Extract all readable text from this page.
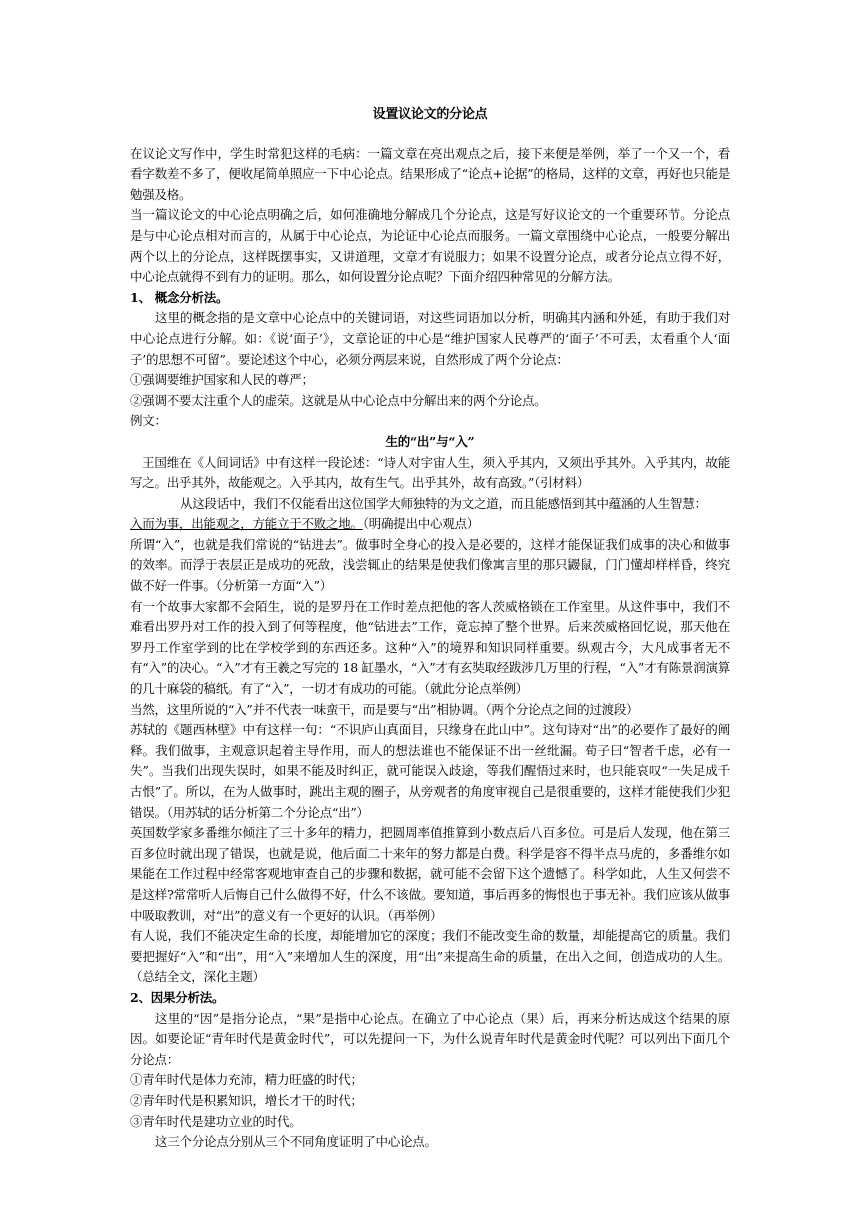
设置议论文的分论点

在议论文写作中，学生时常犯这样的毛病：一篇文章在亮出观点之后，接下来便是举例，举了一个又一个，看看字数差不多了，便收尾简单照应一下中心论点。结果形成了“论点+论据”的格局，这样的文章，再好也只能是勉强及格。

当一篇议论文的中心论点明确之后，如何准确地分解成几个分论点，这是写好议论文的一个重要环节。分论点是与中心论点相对而言的，从属于中心论点，为论证中心论点而服务。一篇文章围绕中心论点，一般要分解出两个以上的分论点，这样既摆事实，又讲道理，文章才有说服力；如果不设置分论点，或者分论点立得不好，中心论点就得不到有力的证明。那么，如何设置分论点呢？下面介绍四种常见的分解方法。

1、 概念分析法。

这里的概念指的是文章中心论点中的关键词语，对这些词语加以分析，明确其内涵和外延，有助于我们对中心论点进行分解。如：《说‘面子’》，文章论证的中心是“维护国家人民尊严的‘面子’不可丢，太看重个人‘面子’的思想不可留”。要论述这个中心，必须分两层来说，自然形成了两个分论点：

①强调要维护国家和人民的尊严；

②强调不要太注重个人的虚荣。这就是从中心论点中分解出来的两个分论点。

例文：

生的“出”与“入”

王国维在《人间词话》中有这样一段论述：“诗人对宇宙人生，须入乎其内，又须出乎其外。入乎其内，故能写之。出乎其外，故能观之。入乎其内，故有生气。出乎其外，故有高致。”（引材料）

从这段话中，我们不仅能看出这位国学大师独特的为文之道，而且能感悟到其中蕴涵的人生智慧：

入而为事，出能观之，方能立于不败之地。（明确提出中心观点）

所谓“入”，也就是我们常说的“钻进去”。做事时全身心的投入是必要的，这样才能保证我们成事的决心和做事的效率。而浮于表层正是成功的死敌，浅尝辄止的结果是使我们像寓言里的那只鼹鼠，门门懂却样样昏，终究做不好一件事。（分析第一方面“入”）

有一个故事大家都不会陌生，说的是罗丹在工作时差点把他的客人茨威格锁在工作室里。从这件事中，我们不难看出罗丹对工作的投入到了何等程度，他“钻进去”工作，竟忘掉了整个世界。后来茨威格回忆说，那天他在罗丹工作室学到的比在学校学到的东西还多。这种“入”的境界和知识同样重要。纵观古今，大凡成事者无不有“入”的决心。“入”才有王羲之写完的 18 缸墨水，“入”才有玄奘取经跋涉几万里的行程，“入”才有陈景润演算的几十麻袋的稿纸。有了“入”，一切才有成功的可能。（就此分论点举例）

当然，这里所说的“入”并不代表一味蛮干，而是要与“出”相协调。（两个分论点之间的过渡段）

苏轼的《题西林壁》中有这样一句：“不识庐山真面目，只缘身在此山中”。这句诗对“出”的必要作了最好的阐释。我们做事，主观意识起着主导作用，而人的想法谁也不能保证不出一丝纰漏。荀子曰“智者千虑，必有一失”。当我们出现失误时，如果不能及时纠正，就可能误入歧途，等我们醒悟过来时，也只能哀叹“一失足成千古恨”了。所以，在为人做事时，跳出主观的圈子，从旁观者的角度审视自己是很重要的，这样才能使我们少犯错误。（用苏轼的话分析第二个分论点“出”）

英国数学家多番维尔倾注了三十多年的精力，把圆周率值推算到小数点后八百多位。可是后人发现，他在第三百多位时就出现了错误，也就是说，他后面二十来年的努力都是白费。科学是容不得半点马虎的，多番维尔如果能在工作过程中经常客观地审查自己的步骤和数据，就可能不会留下这个遗憾了。科学如此，人生又何尝不是这样?常常听人后悔自己什么做得不好，什么不该做。要知道，事后再多的悔恨也于事无补。我们应该从做事中吸取教训，对“出”的意义有一个更好的认识。（再举例）

有人说，我们不能决定生命的长度，却能增加它的深度；我们不能改变生命的数量，却能提高它的质量。我们要把握好“入”和“出”，用“入”来增加人生的深度，用“出”来提高生命的质量，在出入之间，创造成功的人生。（总结全文，深化主题）

2、因果分析法。

这里的“因”是指分论点，“果”是指中心论点。在确立了中心论点（果）后，再来分析达成这个结果的原因。如要论证“青年时代是黄金时代”，可以先提问一下，为什么说青年时代是黄金时代呢？可以列出下面几个分论点：

①青年时代是体力充沛，精力旺盛的时代；

②青年时代是积累知识，增长才干的时代；

③青年时代是建功立业的时代。

这三个分论点分别从三个不同角度证明了中心论点。
